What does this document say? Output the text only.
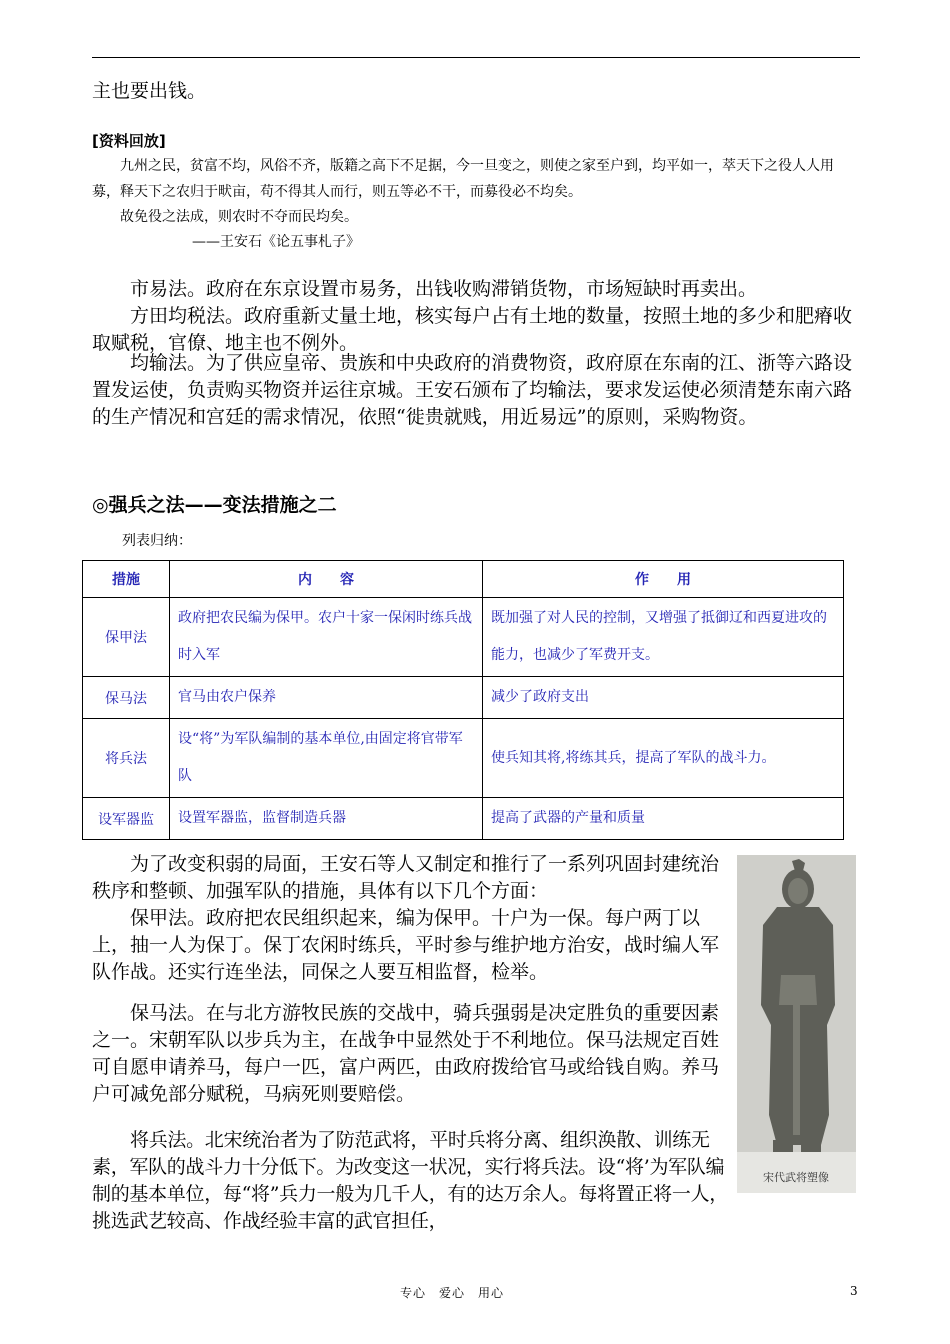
主也要出钱。

[资料回放]

九州之民，贫富不均，风俗不齐，版籍之高下不足据，今一旦变之，则使之家至户到，均平如一，萃天下之役人人用募，释天下之农归于畎亩，苟不得其人而行，则五等必不干，而募役必不均矣。

故免役之法成，则农时不夺而民均矣。

——王安石《论五事札子》

市易法。政府在东京设置市易务，出钱收购滞销货物，市场短缺时再卖出。

方田均税法。政府重新丈量土地，核实每户占有土地的数量，按照土地的多少和肥瘠收取赋税，官僚、地主也不例外。

均输法。为了供应皇帝、贵族和中央政府的消费物资，政府原在东南的江、浙等六路设置发运使，负责购买物资并运往京城。王安石颁布了均输法，要求发运使必须清楚东南六路的生产情况和宫廷的需求情况，依照“徙贵就贱，用近易远”的原则，采购物资。

◎强兵之法——变法措施之二

列表归纳：

措施	内　　容	作　　用
保甲法	政府把农民编为保甲。农户十家一保闲时练兵战时入军	既加强了对人民的控制，又增强了抵御辽和西夏进攻的能力，也减少了军费开支。
保马法	官马由农户保养	减少了政府支出
将兵法	设“将”为军队编制的基本单位,由固定将官带军队	使兵知其将,将练其兵，提高了军队的战斗力。
设军器监	设置军器监，监督制造兵器	提高了武器的产量和质量

为了改变积弱的局面，王安石等人又制定和推行了一系列巩固封建统治秩序和整顿、加强军队的措施，具体有以下几个方面：

保甲法。政府把农民组织起来，编为保甲。十户为一保。每户两丁以上，抽一人为保丁。保丁农闲时练兵，平时参与维护地方治安，战时编人军队作战。还实行连坐法，同保之人要互相监督，检举。

保马法。在与北方游牧民族的交战中，骑兵强弱是决定胜负的重要因素之一。宋朝军队以步兵为主，在战争中显然处于不利地位。保马法规定百姓可自愿申请养马，每户一匹，富户两匹，由政府拨给官马或给钱自购。养马户可减免部分赋税，马病死则要赔偿。

将兵法。北宋统治者为了防范武将，平时兵将分离、组织涣散、训练无素，军队的战斗力十分低下。为改变这一状况，实行将兵法。设“将’为军队编制的基本单位，每“将”兵力一般为几千人，有的达万余人。每将置正将一人，挑选武艺较高、作战经验丰富的武官担任，

宋代武将塑像
专心　爱心　用心	3
